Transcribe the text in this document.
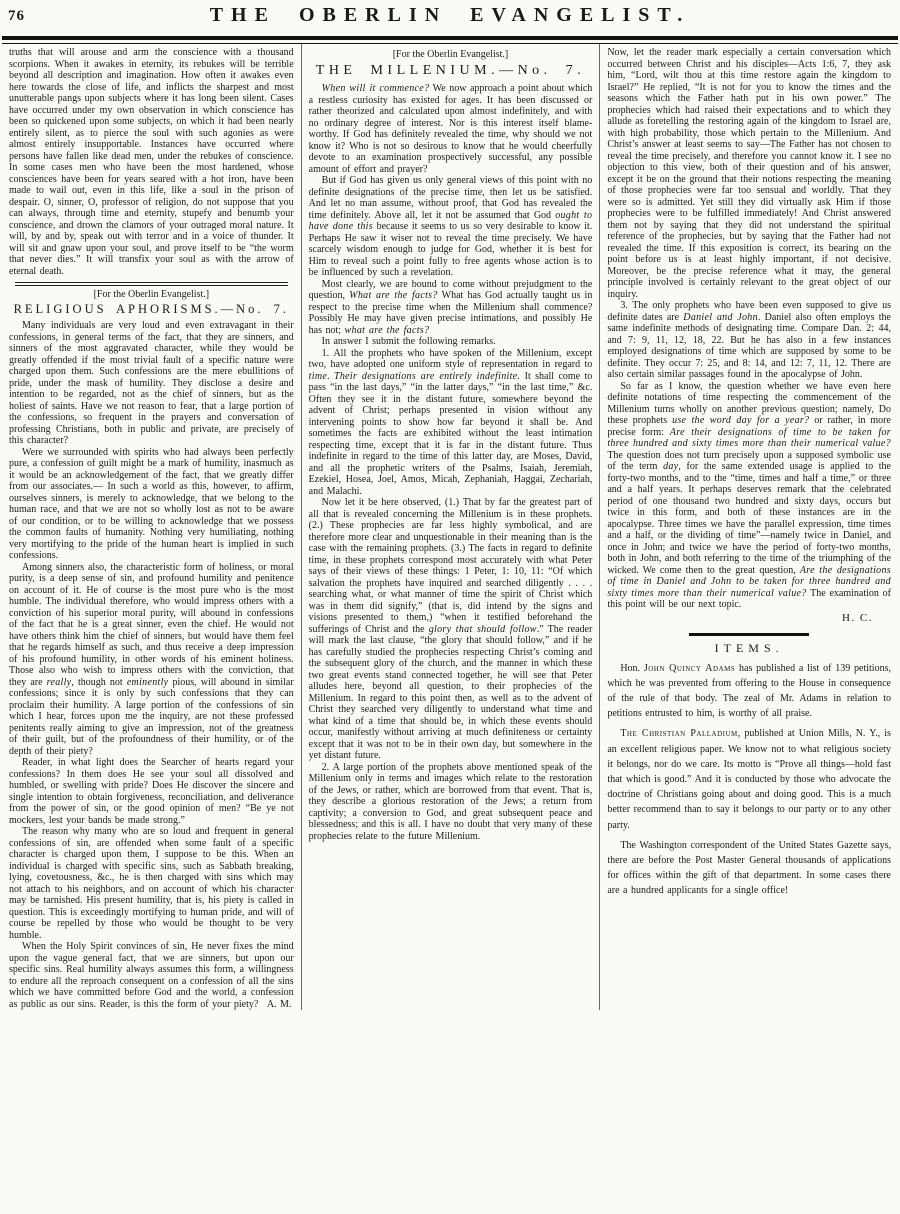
76	THE OBERLIN EVANGELIST.

truths that will arouse and arm the conscience with a thousand scorpions. When it awakes in eternity, its rebukes will be terrible beyond all description and imagination. How often it awakes even here towards the close of life, and inflicts the sharpest and most unutterable pangs upon subjects where it has long been silent. Cases have occurred under my own observation in which conscience has been so quickened upon some subjects, on which it had been nearly entirely silent, as to pierce the soul with such agonies as were almost entirely insupportable. Instances have occurred where persons have fallen like dead men, under the rebukes of conscience. In some cases men who have been the most hardened, whose consciences have been for years seared with a hot iron, have been made to wail out, even in this life, like a soul in the prison of despair. O, sinner, O, professor of religion, do not suppose that you can always, through time and eternity, stupefy and benumb your conscience, and drown the clamors of your outraged moral nature. It will, by and by, speak out with terror and in a voice of thunder. It will sit and gnaw upon your soul, and prove itself to be “the worm that never dies.” It will transfix your soul as with the arrow of eternal death.

[For the Oberlin Evangelist.]

RELIGIOUS APHORISMS.—No. 7.

Many individuals are very loud and even extravagant in their confessions, in general terms of the fact, that they are sinners, and sinners of the most aggravated character, while they would be greatly offended if the most trivial fault of a specific nature were charged upon them. Such confessions are the mere ebullitions of pride, under the mask of humility. They disclose a desire and intention to be regarded, not as the chief of sinners, but as the holiest of saints. Have we not reason to fear, that a large portion of the confessions, so frequent in the prayers and conversation of professing Christians, both in public and private, are precisely of this character?

Were we surrounded with spirits who had always been perfectly pure, a confession of guilt might be a mark of humility, inasmuch as it would be an acknowledgement of the fact, that we greatly differ from our associates.— In such a world as this, however, to affirm, ourselves sinners, is merely to acknowledge, that we belong to the human race, and that we are not so wholly lost as not to be aware of our condition, or to be willing to acknowledge that we possess the common faults of humanity. Nothing very humiliating, nothing very mortifying to the pride of the human heart is implied in such confessions.

Among sinners also, the characteristic form of holiness, or moral purity, is a deep sense of sin, and profound humility and penitence on account of it. He of course is the most pure who is the most humble. The individual therefore, who would impress others with a conviction of his superior moral purity, will abound in confessions of the fact that he is a great sinner, even the chief. He would not have others think him the chief of sinners, but would have them feel that he regards himself as such, and thus receive a deep impression of his profound humility, in other words of his eminent holiness. Those also who wish to impress others with the conviction, that they are really, though not eminently pious, will abound in similar confessions; since it is only by such confessions that they can proclaim their humility. A large portion of the confessions of sin which I hear, forces upon me the inquiry, are not these professed penitents really aiming to give an impression, not of the greatness of their guilt, but of the profoundness of their humility, or of the depth of their piety?

Reader, in what light does the Searcher of hearts regard your confessions? In them does He see your soul all dissolved and humbled, or swelling with pride? Does He discover the sincere and single intention to obtain forgiveness, reconciliation, and deliverance from the power of sin, or the good opinion of men? “Be ye not mockers, lest your bands be made strong.”

The reason why many who are so loud and frequent in general confessions of sin, are offended when some fault of a specific character is charged upon them, I suppose to be this. When an individual is charged with specific sins, such as Sabbath breaking, lying, covetousness, &c., he is then charged with sins which may not attach to his neighbors, and on account of which his character may be tarnished. His present humility, that is, his piety is called in question. This is exceedingly mortifying to human pride, and will of course be repelled by those who would be thought to be very humble.

When the Holy Spirit convinces of sin, He never fixes the mind upon the vague general fact, that we are sinners, but upon our specific sins. Real humility always assumes this form, a willingness to endure all the reproach consequent on a confession of all the sins which we have committed before God and the world, a confession as public as our sins. Reader, is this the form of your piety?  A. M.

[For the Oberlin Evangelist.]

THE MILLENIUM.—No. 7.

When will it commence? We now approach a point about which a restless curiosity has existed for ages. It has been discussed or rather theorized and calculated upon almost indefinitely, and with no ordinary degree of interest. Nor is this interest itself blame-worthy. If God has definitely revealed the time, why should we not know it? Who is not so desirous to know that he would cheerfully devote to an examination prospectively successful, any possible amount of effort and prayer?

But if God has given us only general views of this point with no definite designations of the precise time, then let us be satisfied. And let no man assume, without proof, that God has revealed the time definitely. Above all, let it not be assumed that God ought to have done this because it seems to us so very desirable to know it. Perhaps He saw it wiser not to reveal the time precisely. We have scarcely wisdom enough to judge for God, whether it is best for Him to reveal such a point fully to free agents whose action is to be influenced by such a revelation.

Most clearly, we are bound to come without prejudgment to the question, What are the facts? What has God actually taught us in respect to the precise time when the Millenium shall commence? Possibly He may have given precise intimations, and possibly He has not; what are the facts?

In answer I submit the following remarks.

1. All the prophets who have spoken of the Millenium, except two, have adopted one uniform style of representation in regard to time. Their designations are entirely indefinite. It shall come to pass “in the last days,” “in the latter days,” “in the last time,” &c. Often they see it in the distant future, somewhere beyond the advent of Christ; perhaps presented in vision without any intervening points to show how far beyond it shall be. And sometimes the facts are exhibited without the least intimation respecting time, except that it is far in the distant future. Thus indefinite in regard to the time of this latter day, are Moses, David, and all the prophetic writers of the Psalms, Isaiah, Jeremiah, Ezekiel, Hosea, Joel, Amos, Micah, Zephaniah, Haggai, Zechariah, and Malachi.

Now let it be here observed, (1.) That by far the greatest part of all that is revealed concerning the Millenium is in these prophets. (2.) These prophecies are far less highly symbolical, and are therefore more clear and unquestionable in their meaning than is the case with the remaining prophets. (3.) The facts in regard to definite time, in these prophets correspond most accurately with what Peter says of their views of these things: 1 Peter, 1: 10, 11: “Of which salvation the prophets have inquired and searched diligently . . . . searching what, or what manner of time the spirit of Christ which was in them did signify,” (that is, did intend by the signs and visions presented to them,) “when it testified beforehand the sufferings of Christ and the glory that should follow.” The reader will mark the last clause, “the glory that should follow,” and if he has carefully studied the prophecies respecting Christ’s coming and the subsequent glory of the church, and the manner in which these two great events stand connected together, he will see that Peter alludes here, beyond all question, to their prophecies of the Millenium. In regard to this point then, as well as to the advent of Christ they searched very diligently to understand what time and what kind of a time that should be, in which these events should occur, manifestly without arriving at much definiteness or certainty except that it was not to be in their own day, but somewhere in the yet distant future.

2. A large portion of the prophets above mentioned speak of the Millenium only in terms and images which relate to the restoration of the Jews, or rather, which are borrowed from that event. That is, they describe a glorious restoration of the Jews; a return from captivity; a conversion to God, and great subsequent peace and blessedness; and this is all. I have no doubt that very many of these prophecies relate to the future Millenium.

Now, let the reader mark especially a certain conversation which occurred between Christ and his disciples—Acts 1:6, 7, they ask him, “Lord, wilt thou at this time restore again the kingdom to Israel?” He replied, “It is not for you to know the times and the seasons which the Father hath put in his own power.” The prophecies which had raised their expectations and to which they allude as foretelling the restoring again of the kingdom to Israel are, with high probability, those which pertain to the Millenium. And Christ’s answer at least seems to say—The Father has not chosen to reveal the time precisely, and therefore you cannot know it. I see no objection to this view, both of their question and of his answer, except it be on the ground that their notions respecting the meaning of those prophecies were far too sensual and worldly. That they were so is admitted. Yet still they did virtually ask Him if those prophecies were to be fulfilled immediately! And Christ answered them not by saying that they did not understand the spiritual reference of the prophecies, but by saying that the Father had not revealed the time. If this exposition is correct, its bearing on the point before us is at least highly important, if not decisive. Moreover, be the precise reference what it may, the general principle involved is certainly relevant to the great object of our inquiry.

3. The only prophets who have been even supposed to give us definite dates are Daniel and John. Daniel also often employs the same indefinite methods of designating time. Compare Dan. 2: 44, and 7: 9, 11, 12, 18, 22. But he has also in a few instances employed designations of time which are supposed by some to be definite. They occur 7: 25, and 8: 14, and 12: 7, 11, 12. There are also certain similar passages found in the apocalypse of John.

So far as I know, the question whether we have even here definite notations of time respecting the commencement of the Millenium turns wholly on another previous question; namely, Do these prophets use the word day for a year? or rather, in more precise form: Are their designations of time to be taken for three hundred and sixty times more than their numerical value? The question does not turn precisely upon a supposed symbolic use of the term day, for the same extended usage is applied to the forty-two months, and to the “time, times and half a time,” or three and a half years. It perhaps deserves remark that the celebrated period of one thousand two hundred and sixty days, occurs but twice in this form, and both of these instances are in the apocalypse. Three times we have the parallel expression, time times and a half, or the dividing of time”—namely twice in Daniel, and once in John; and twice we have the period of forty-two months, both in John, and both referring to the time of the triumphing of the wicked. We come then to the great question, Are the designations of time in Daniel and John to be taken for three hundred and sixty times more than their numerical value? The examination of this point will be our next topic.

H. C.

ITEMS.

Hon. John Quincy Adams has published a list of 139 petitions, which he was prevented from offering to the House in consequence of the rule of that body. The zeal of Mr. Adams in relation to petitions entrusted to him, is worthy of all praise.

The Christian Palladium, published at Union Mills, N. Y., is an excellent religious paper. We know not to what religious society it belongs, nor do we care. Its motto is “Prove all things—hold fast that which is good.” And it is conducted by those who advocate the doctrine of Christians going about and doing good. This is a much better recommend than to say it belongs to our party or to any other party.

The Washington correspondent of the United States Gazette says, there are before the Post Master General thousands of applications for offices within the gift of that department. In some cases there are a hundred applicants for a single office!
